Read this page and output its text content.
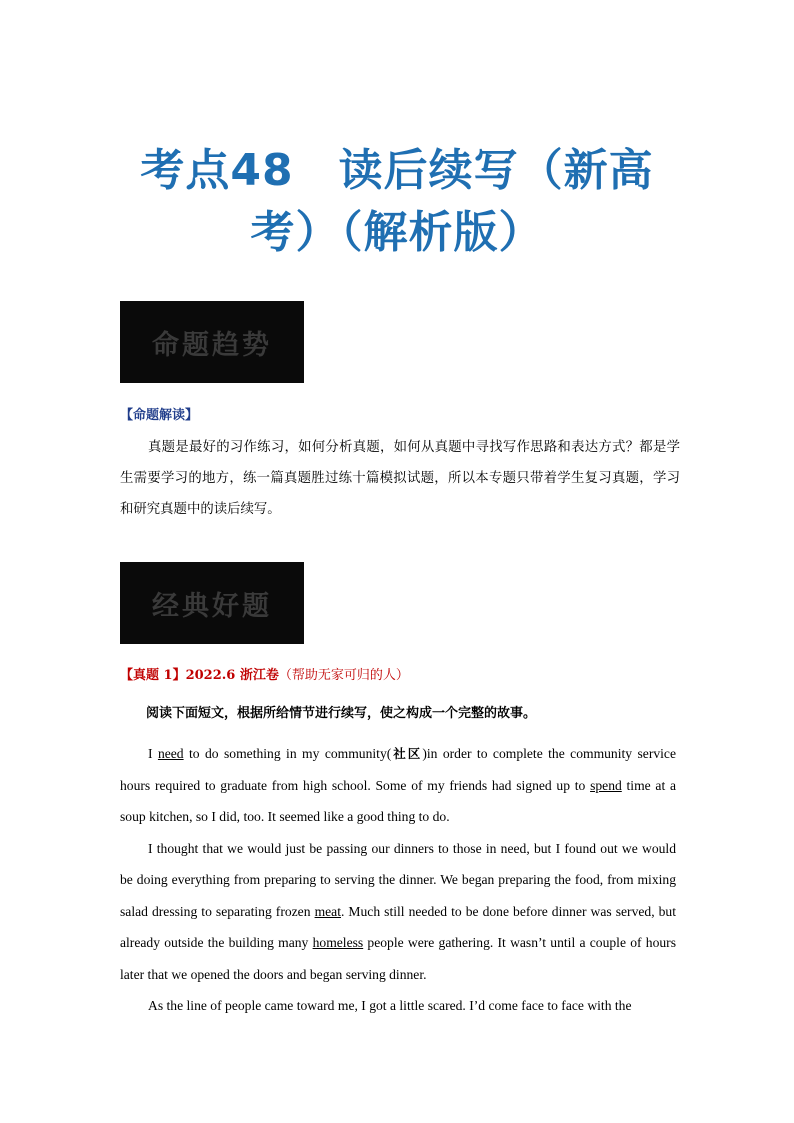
考点48　读后续写（新高
考）（解析版）
命题趋势
【命题解读】
真题是最好的习作练习，如何分析真题，如何从真题中寻找写作思路和表达方式？都是学生需要学习的地方，练一篇真题胜过练十篇模拟试题，所以本专题只带着学生复习真题，学习和研究真题中的读后续写。
经典好题
【真题 1】2022.6 浙江卷（帮助无家可归的人）
阅读下面短文，根据所给情节进行续写，使之构成一个完整的故事。

I need to do something in my community(社区)in order to complete the community service hours required to graduate from high school. Some of my friends had signed up to spend time at a soup kitchen, so I did, too. It seemed like a good thing to do.

I thought that we would just be passing our dinners to those in need, but I found out we would be doing everything from preparing to serving the dinner. We began preparing the food, from mixing salad dressing to separating frozen meat. Much still needed to be done before dinner was served, but already outside the building many homeless people were gathering. It wasn’t until a couple of hours later that we opened the doors and began serving dinner.

As the line of people came toward me, I got a little scared. I’d come face to face with the
